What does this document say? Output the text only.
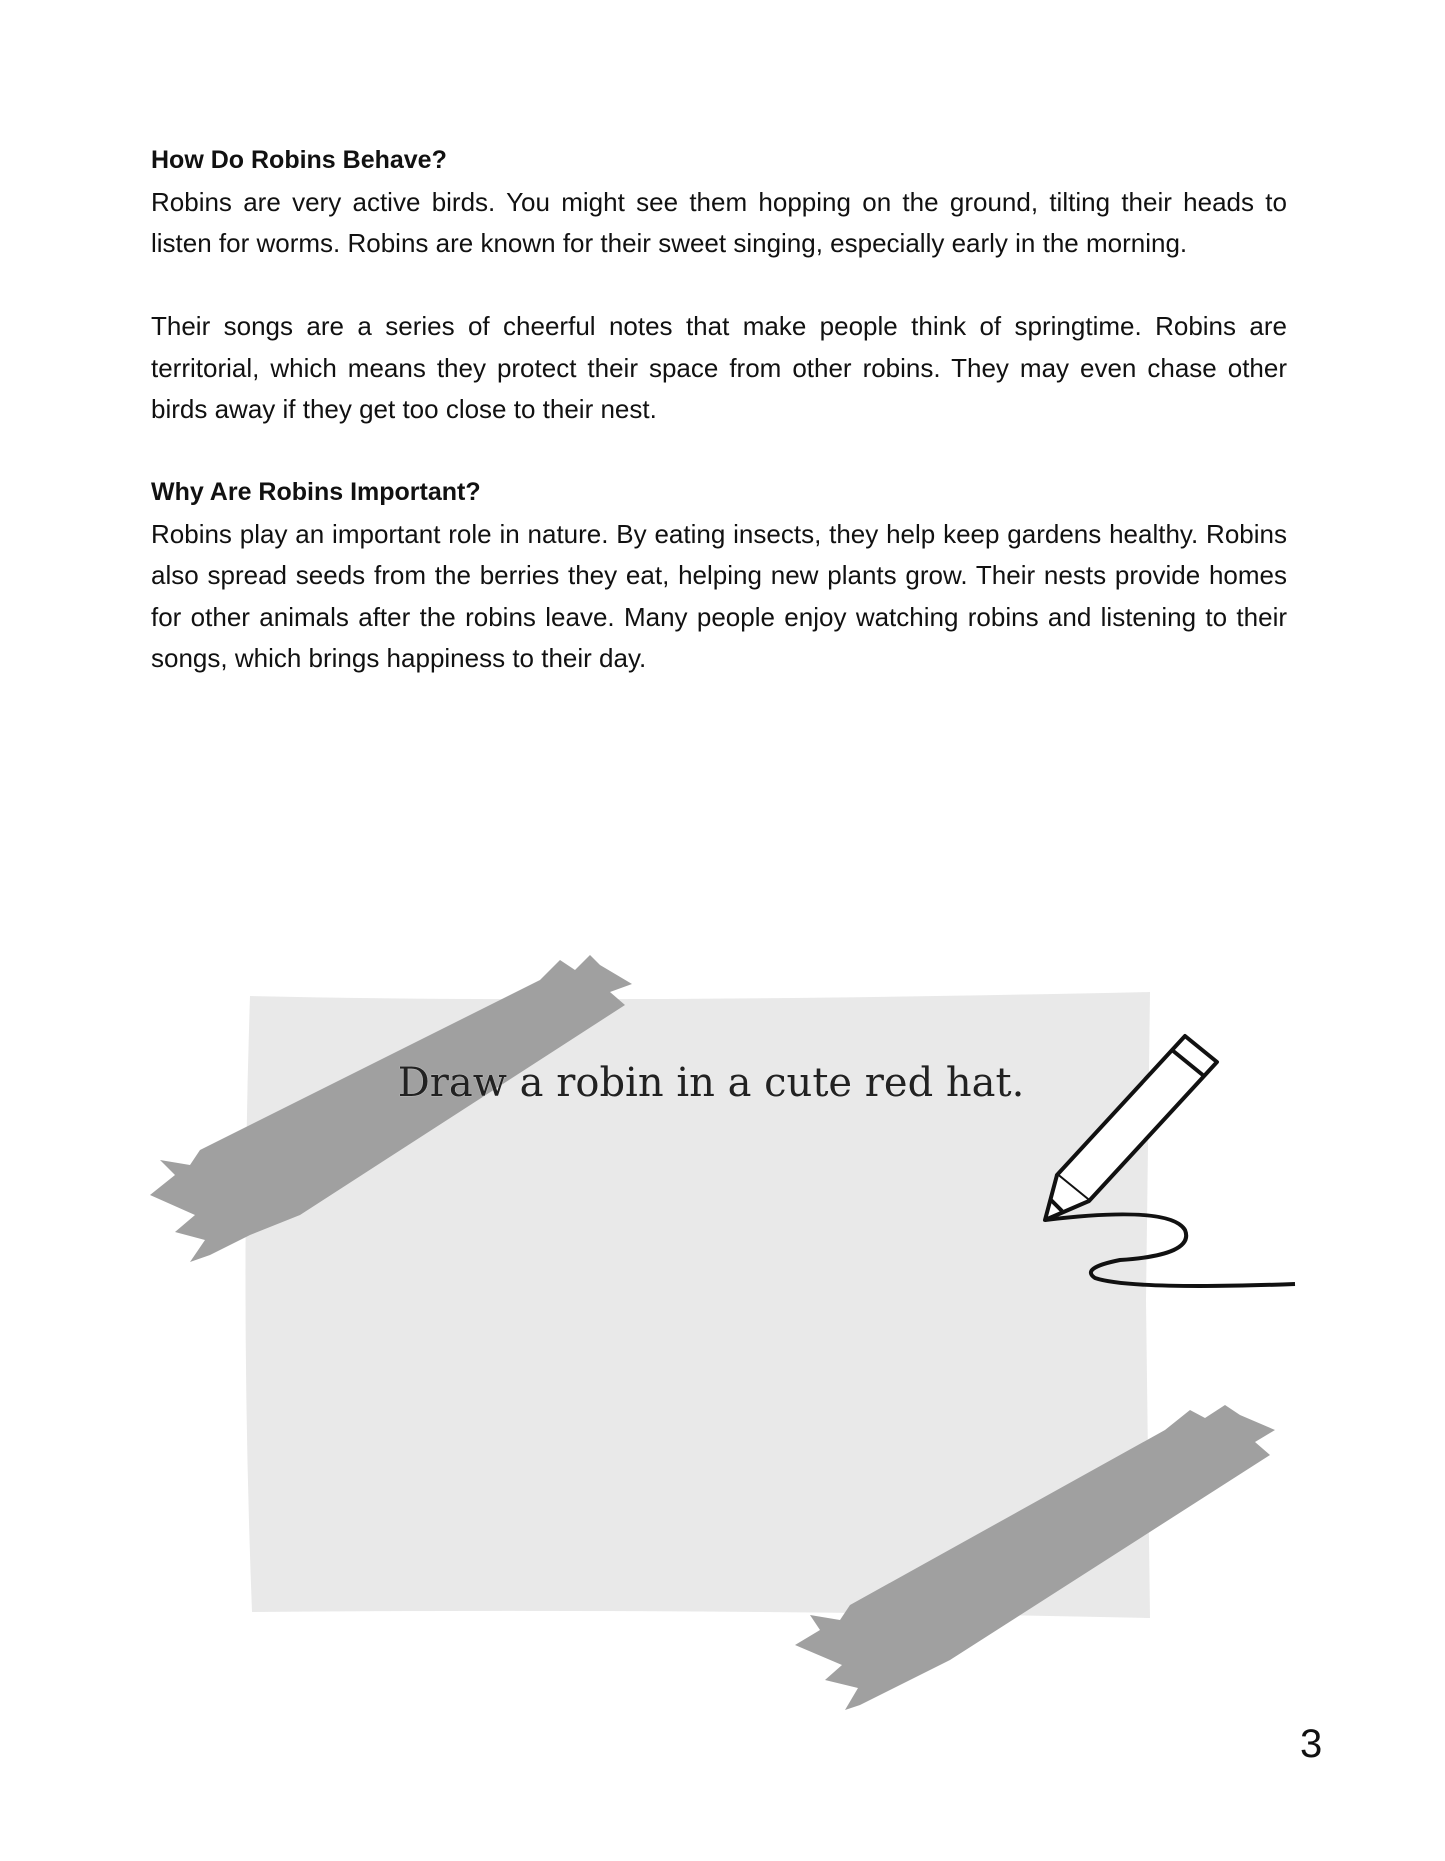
How Do Robins Behave?

Robins are very active birds. You might see them hopping on the ground, tilting their heads to listen for worms. Robins are known for their sweet singing, especially early in the morning.

Their songs are a series of cheerful notes that make people think of springtime. Robins are territorial, which means they protect their space from other robins. They may even chase other birds away if they get too close to their nest.

Why Are Robins Important?

Robins play an important role in nature. By eating insects, they help keep gardens healthy. Robins also spread seeds from the berries they eat, helping new plants grow. Their nests provide homes for other animals after the robins leave. Many people enjoy watching robins and listening to their songs, which brings happiness to their day.

Draw a robin in a cute red hat.
3
